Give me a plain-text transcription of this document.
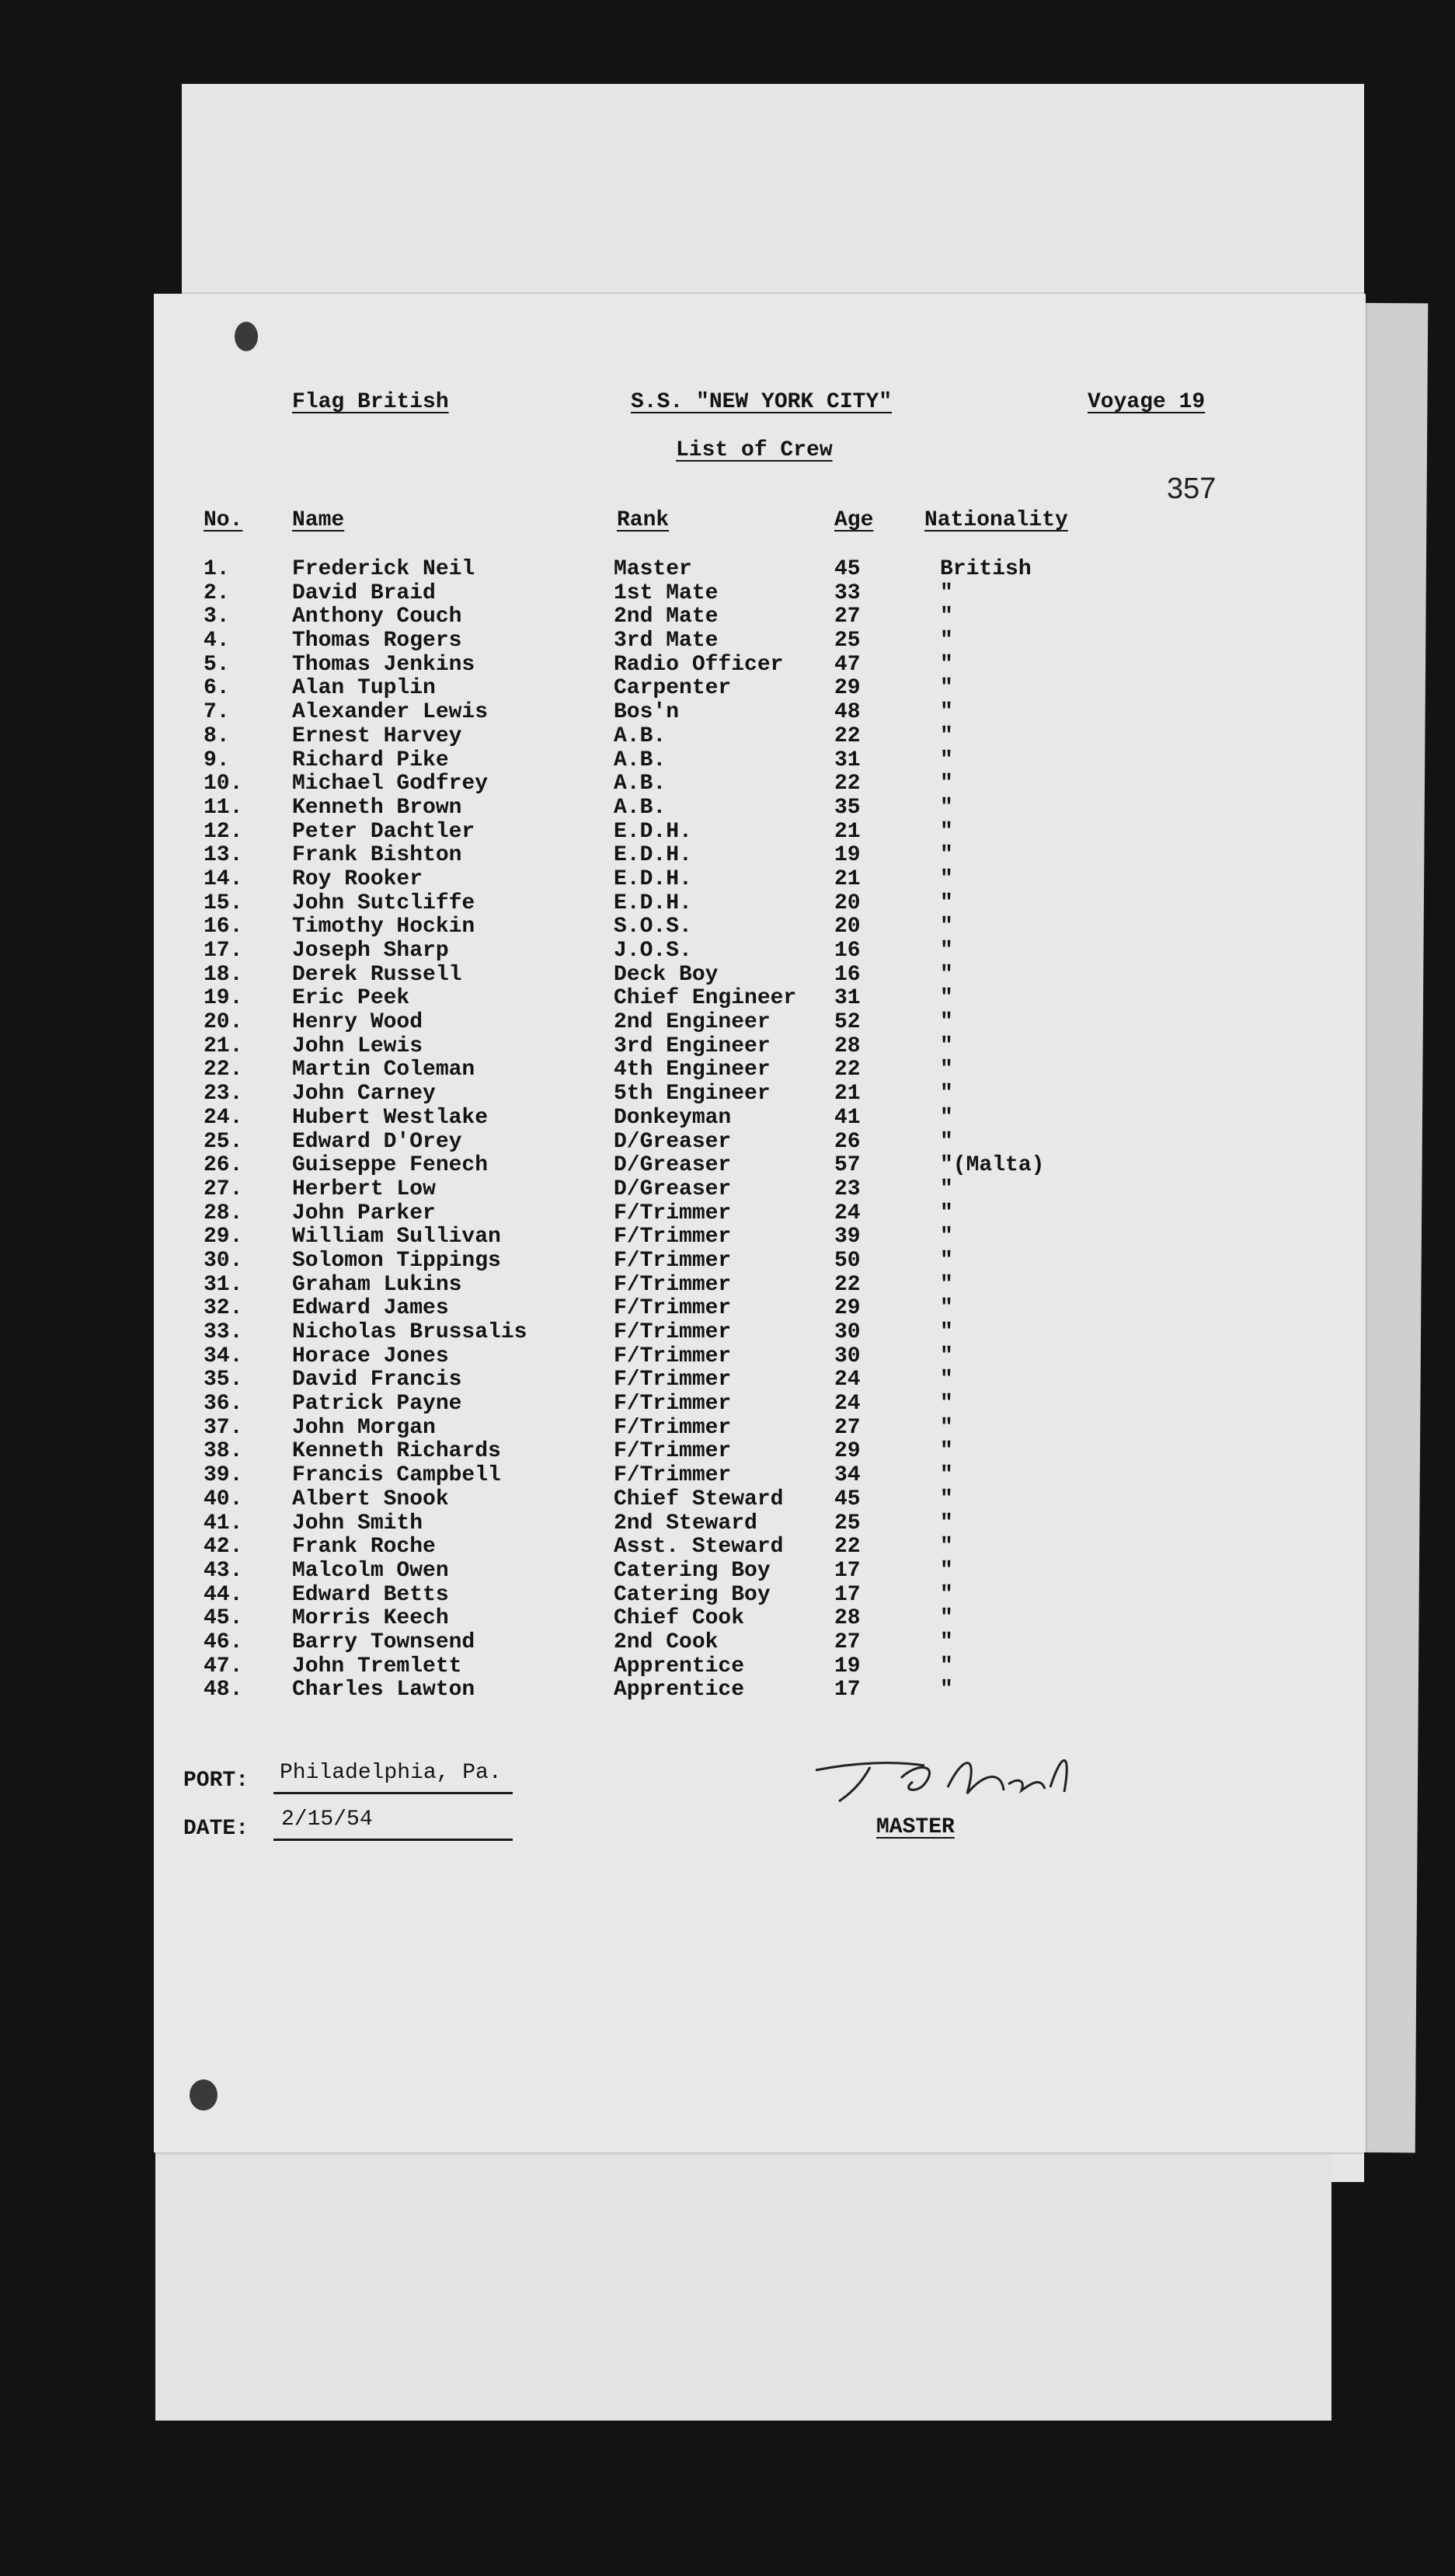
Flag British	S.S. "NEW YORK CITY"	Voyage 19
List of Crew
357
No. Name	Rank	Age Nationality
1.	Frederick Neil	Master	45	British
2.	David Braid	1st Mate	33	"
3.	Anthony Couch	2nd Mate	27	"
4.	Thomas Rogers	3rd Mate	25	"
5.	Thomas Jenkins	Radio Officer 47	"
6.	Alan Tuplin	Carpenter	29	"
7.	Alexander Lewis	Bos'n	48	"
8.	Ernest Harvey	A.B.	22	"
9.	Richard Pike	A.B.	31	"
10. Michael Godfrey	A.B.	22	"
11. Kenneth Brown	A.B.	35	"
12. Peter Dachtler	E.D.H.	21	"
13. Frank Bishton	E.D.H.	19	"
14. Roy Rooker	E.D.H.	21	"
15. John Sutcliffe	E.D.H.	20	"
16. Timothy Hockin	S.O.S.	20	"
17. Joseph Sharp	J.O.S.	16	"
18. Derek Russell	Deck Boy	16	"
19. Eric Peek	Chief Engineer 31	"
20. Henry Wood	2nd Engineer	52	"
21. John Lewis	3rd Engineer	28	"
22. Martin Coleman	4th Engineer	22	"
23. John Carney	5th Engineer	21	"
24. Hubert Westlake	Donkeyman	41	"
25. Edward D'Orey	D/Greaser	26	"
26. Guiseppe Fenech	D/Greaser	57	"(Malta)
27. Herbert Low	D/Greaser	23	"
28. John Parker	F/Trimmer	24	"
29. William Sullivan	F/Trimmer	39	"
30. Solomon Tippings	F/Trimmer	50	"
31. Graham Lukins	F/Trimmer	22	"
32. Edward James	F/Trimmer	29	"
33. Nicholas Brussalis	F/Trimmer	30	"
34. Horace Jones	F/Trimmer	30	"
35. David Francis	F/Trimmer	24	"
36. Patrick Payne	F/Trimmer	24	"
37. John Morgan	F/Trimmer	27	"
38. Kenneth Richards	F/Trimmer	29	"
39. Francis Campbell	F/Trimmer	34	"
40. Albert Snook	Chief Steward 45	"
41. John Smith	2nd Steward	25	"
42. Frank Roche	Asst. Steward 22	"
43. Malcolm Owen	Catering Boy	17	"
44. Edward Betts	Catering Boy	17	"
45. Morris Keech	Chief Cook	28	"
46. Barry Townsend	2nd Cook	27	"
47. John Tremlett	Apprentice	19	"
48. Charles Lawton	Apprentice	17	"
PORT: Philadelphia, Pa.
DATE: 2/15/54	MASTER
